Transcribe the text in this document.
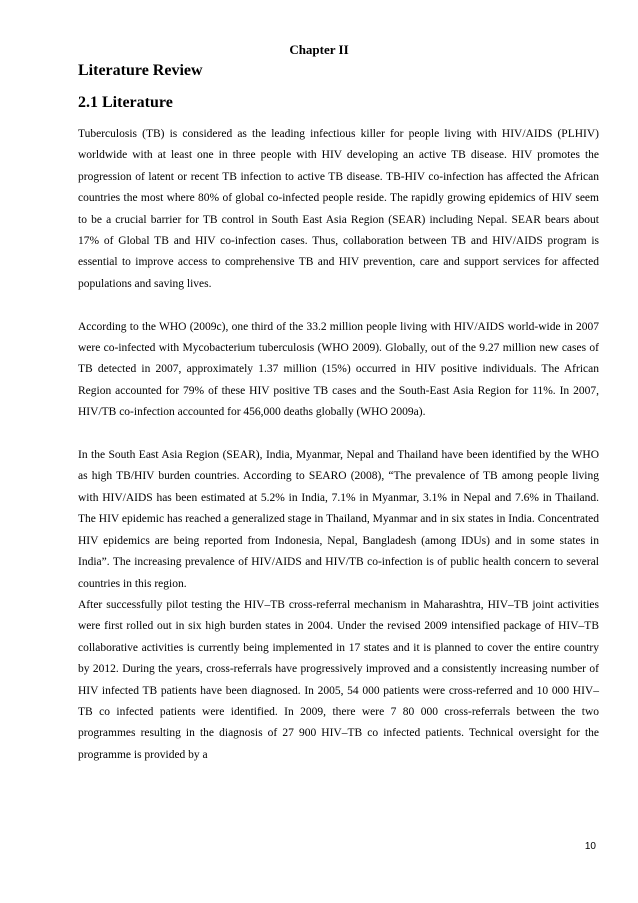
Chapter II
Literature Review
2.1 Literature

Tuberculosis (TB) is considered as the leading infectious killer for people living with HIV/AIDS (PLHIV) worldwide with at least one in three people with HIV developing an active TB disease. HIV promotes the progression of latent or recent TB infection to active TB disease. TB-HIV co-infection has affected the African countries the most where 80% of global co-infected people reside. The rapidly growing epidemics of HIV seem to be a crucial barrier for TB control in South East Asia Region (SEAR) including Nepal. SEAR bears about 17% of Global TB and HIV co-infection cases. Thus, collaboration between TB and HIV/AIDS program is essential to improve access to comprehensive TB and HIV prevention, care and support services for affected populations and saving lives.

According to the WHO (2009c), one third of the 33.2 million people living with HIV/AIDS world-wide in 2007 were co-infected with Mycobacterium tuberculosis (WHO 2009). Globally, out of the 9.27 million new cases of TB detected in 2007, approximately 1.37 million (15%) occurred in HIV positive individuals. The African Region accounted for 79% of these HIV positive TB cases and the South-East Asia Region for 11%. In 2007, HIV/TB co-infection accounted for 456,000 deaths globally (WHO 2009a).

In the South East Asia Region (SEAR), India, Myanmar, Nepal and Thailand have been identified by the WHO as high TB/HIV burden countries. According to SEARO (2008), “The prevalence of TB among people living with HIV/AIDS has been estimated at 5.2% in India, 7.1% in Myanmar, 3.1% in Nepal and 7.6% in Thailand. The HIV epidemic has reached a generalized stage in Thailand, Myanmar and in six states in India. Concentrated HIV epidemics are being reported from Indonesia, Nepal, Bangladesh (among IDUs) and in some states in India”. The increasing prevalence of HIV/AIDS and HIV/TB co-infection is of public health concern to several countries in this region.

After successfully pilot testing the HIV–TB cross-referral mechanism in Maharashtra, HIV–TB joint activities were first rolled out in six high burden states in 2004. Under the revised 2009 intensified package of HIV–TB collaborative activities is currently being implemented in 17 states and it is planned to cover the entire country by 2012. During the years, cross-referrals have progressively improved and a consistently increasing number of HIV infected TB patients have been diagnosed. In 2005, 54 000 patients were cross-referred and 10 000 HIV–TB co infected patients were identified. In 2009, there were 7 80 000 cross-referrals between the two programmes resulting in the diagnosis of 27 900 HIV–TB co infected patients. Technical oversight for the programme is provided by a

10
